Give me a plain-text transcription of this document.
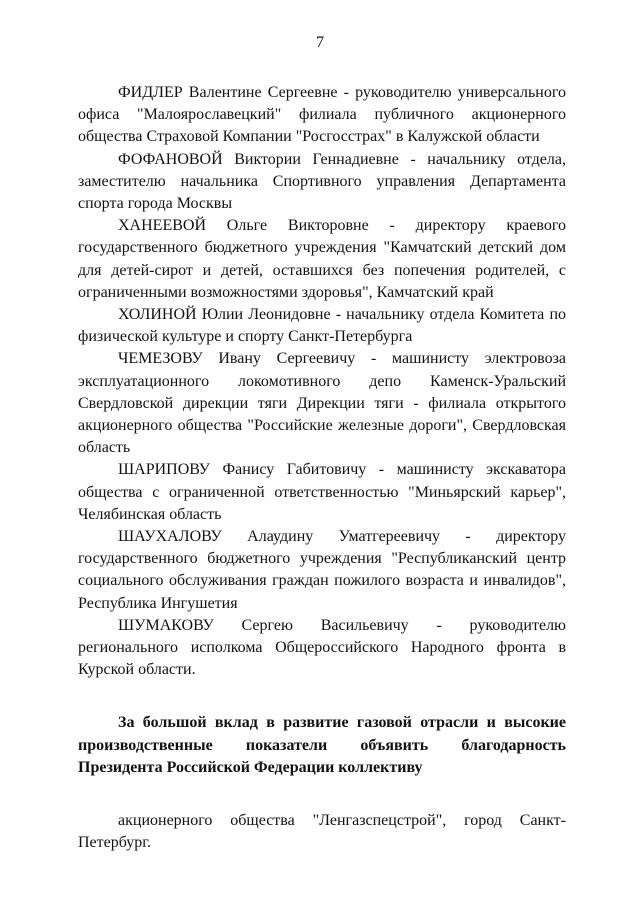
7

ФИДЛЕР Валентине Сергеевне - руководителю универсального офиса "Малоярославецкий" филиала публичного акционерного общества Страховой Компании "Росгосстрах" в Калужской области

ФОФАНОВОЙ Виктории Геннадиевне - начальнику отдела, заместителю начальника Спортивного управления Департамента спорта города Москвы

ХАНЕЕВОЙ Ольге Викторовне - директору краевого государственного бюджетного учреждения "Камчатский детский дом для детей-сирот и детей, оставшихся без попечения родителей, с ограниченными возможностями здоровья", Камчатский край

ХОЛИНОЙ Юлии Леонидовне - начальнику отдела Комитета по физической культуре и спорту Санкт-Петербурга

ЧЕМЕЗОВУ Ивану Сергеевичу - машинисту электровоза эксплуатационного локомотивного депо Каменск-Уральский Свердловской дирекции тяги Дирекции тяги - филиала открытого акционерного общества "Российские железные дороги", Свердловская область

ШАРИПОВУ Фанису Габитовичу - машинисту экскаватора общества с ограниченной ответственностью "Миньярский карьер", Челябинская область

ШАУХАЛОВУ Алаудину Уматгереевичу - директору государственного бюджетного учреждения "Республиканский центр социального обслуживания граждан пожилого возраста и инвалидов", Республика Ингушетия

ШУМАКОВУ Сергею Васильевичу - руководителю регионального исполкома Общероссийского Народного фронта в Курской области.

За большой вклад в развитие газовой отрасли и высокие производственные показатели объявить благодарность Президента Российской Федерации коллективу
акционерного общества "Ленгазспецстрой", город Санкт-Петербург.
